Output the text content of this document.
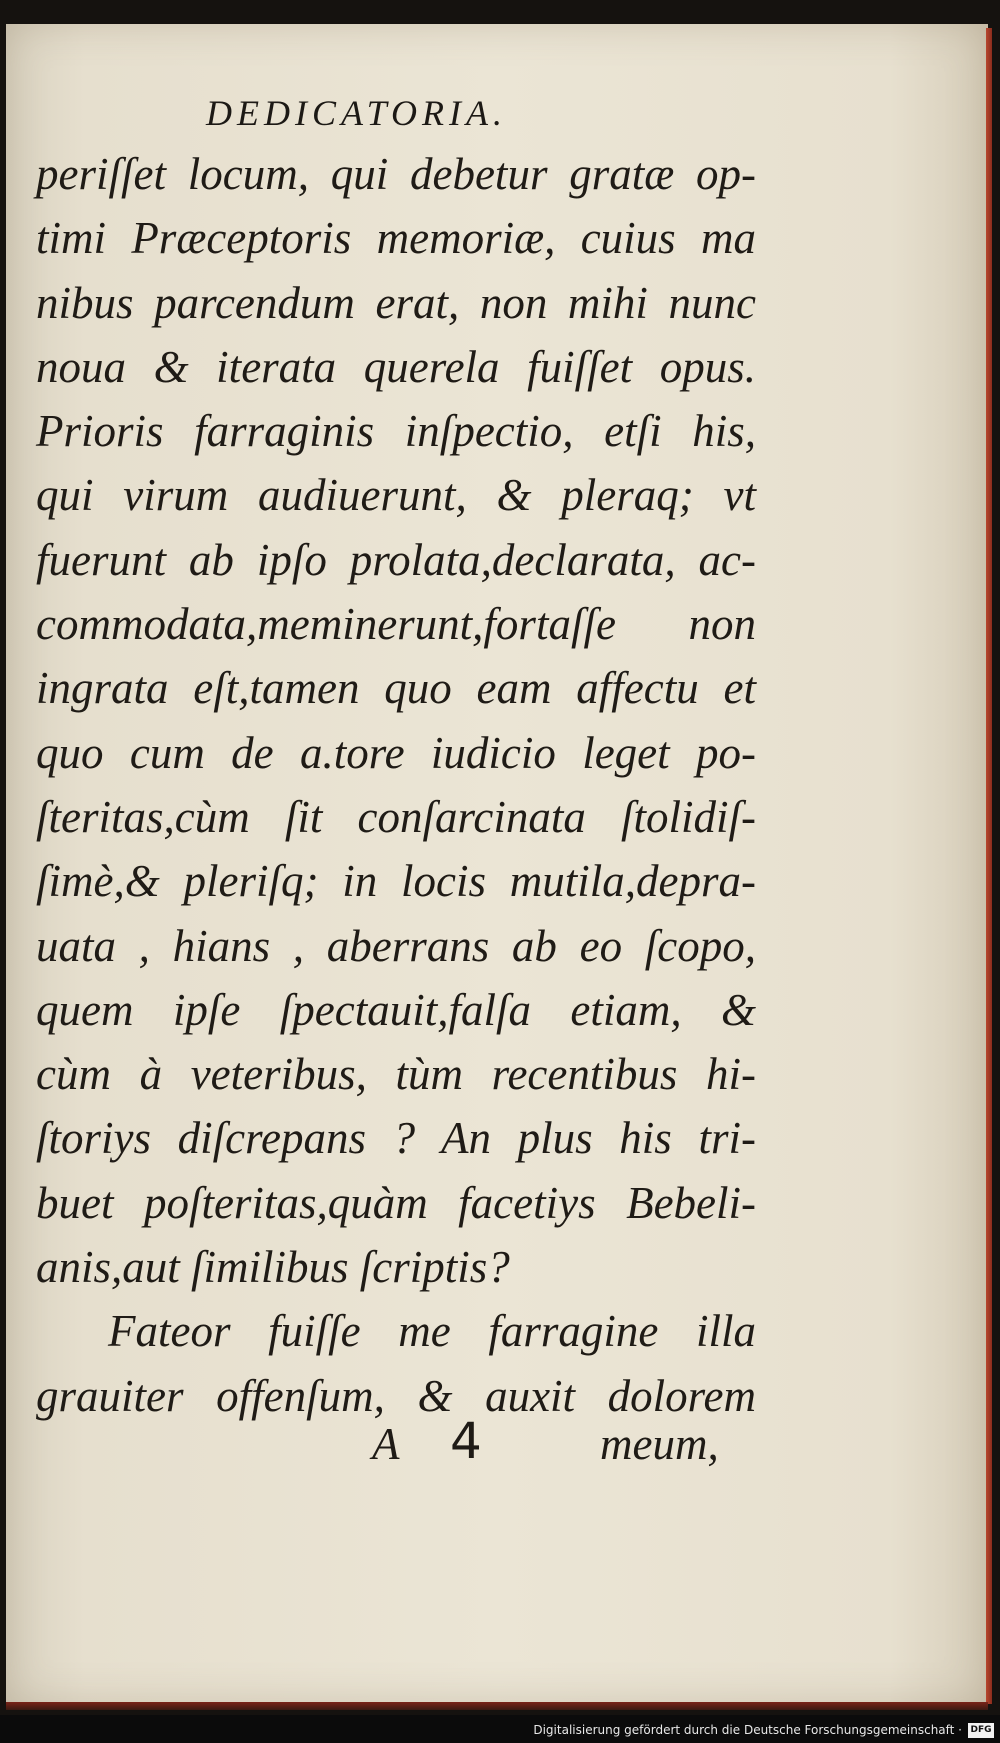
DEDICATORIA.
periſſet locum, qui debetur gratæ op-
timi Præceptoris memoriæ, cuius ma
nibus parcendum erat, non mihi nunc
noua & iterata querela fuiſſet opus.
Prioris farraginis inſpectio, etſi his,
qui virum audiuerunt, & pleraq; vt
fuerunt ab ipſo prolata,declarata, ac-
commodata,meminerunt,fortaſſe non
ingrata eſt,tamen quo eam affectu et
quo cum de a.tore iudicio leget po-
ſteritas,cùm ſit conſarcinata ſtolidiſ-
ſimè,& pleriſq; in locis mutila,depra-
uata , hians , aberrans ab eo ſcopo,
quem ipſe ſpectauit,falſa etiam, &
cùm à veteribus, tùm recentibus hi-
ſtoriys diſcrepans ? An plus his tri-
buet poſteritas,quàm facetiys Bebeli-
anis,aut ſimilibus ſcriptis?
Fateor fuiſſe me farragine illa
grauiter offenſum, & auxit dolorem
A 4	meum,
Digitalisierung gefördert durch die Deutsche Forschungsgemeinschaft · DFG
